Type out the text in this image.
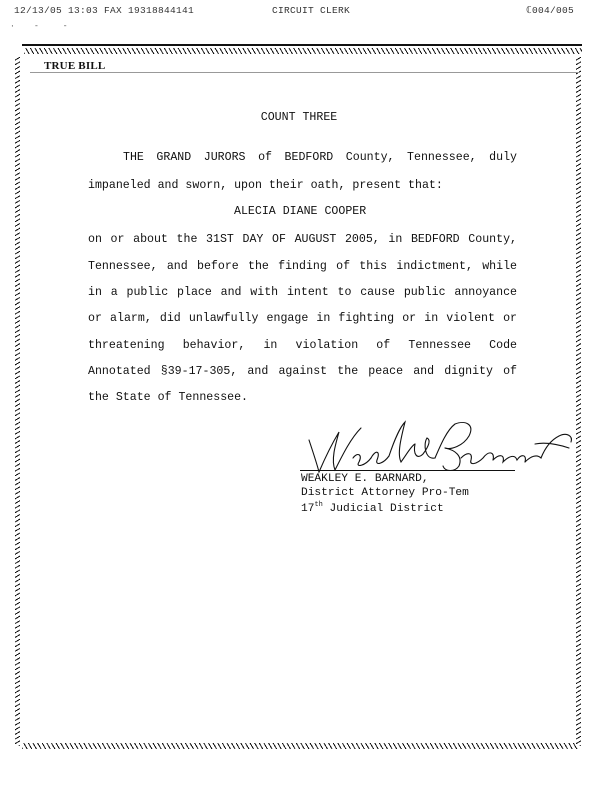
12/13/05 13:03 FAX 19318844141	CIRCUIT CLERK	ℂ004/005
·    -     -
TRUE BILL
COUNT THREE
THE GRAND JURORS of BEDFORD County, Tennessee, duly
impaneled and sworn, upon their oath, present that:
ALECIA DIANE COOPER
on or about the 31ST DAY OF AUGUST 2005, in BEDFORD County,
Tennessee, and before the finding of this indictment, while
in a public place and with intent to cause public annoyance
or alarm, did unlawfully engage in fighting or in violent or
threatening behavior, in violation of Tennessee Code
Annotated §39-17-305, and against the peace and dignity of
the State of Tennessee.
WEAKLEY E. BARNARD,
District Attorney Pro-Tem
17th Judicial District
